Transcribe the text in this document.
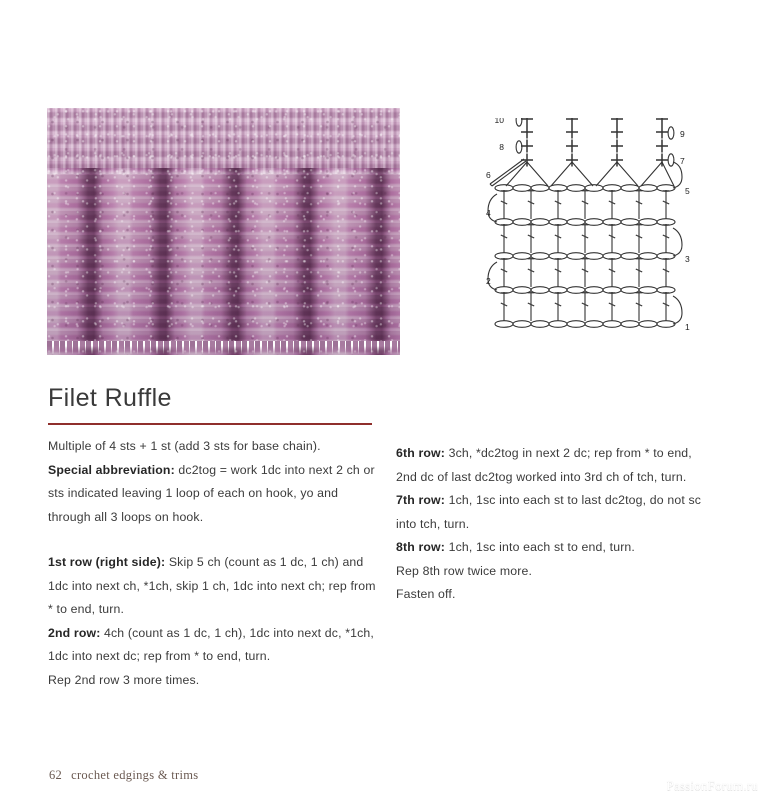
10
8
6
4
2
9
7
5
3
1
Filet Ruffle

Multiple of 4 sts + 1 st (add 3 sts for base chain).

Special abbreviation: dc2tog = work 1dc into next 2 ch or sts indicated leaving 1 loop of each on hook, yo and through all 3 loops on hook.

1st row (right side): Skip 5 ch (count as 1 dc, 1 ch) and 1dc into next ch, *1ch, skip 1 ch, 1dc into next ch; rep from * to end, turn.

2nd row: 4ch (count as 1 dc, 1 ch), 1dc into next dc, *1ch, 1dc into next dc; rep from * to end, turn.

Rep 2nd row 3 more times.

6th row: 3ch, *dc2tog in next 2 dc; rep from * to end, 2nd dc of last dc2tog worked into 3rd ch of tch, turn.

7th row: 1ch, 1sc into each st to last dc2tog, do not sc into tch, turn.

8th row: 1ch, 1sc into each st to end, turn.

Rep 8th row twice more.

Fasten off.

62 crochet edgings & trims
PassionForum.ru
